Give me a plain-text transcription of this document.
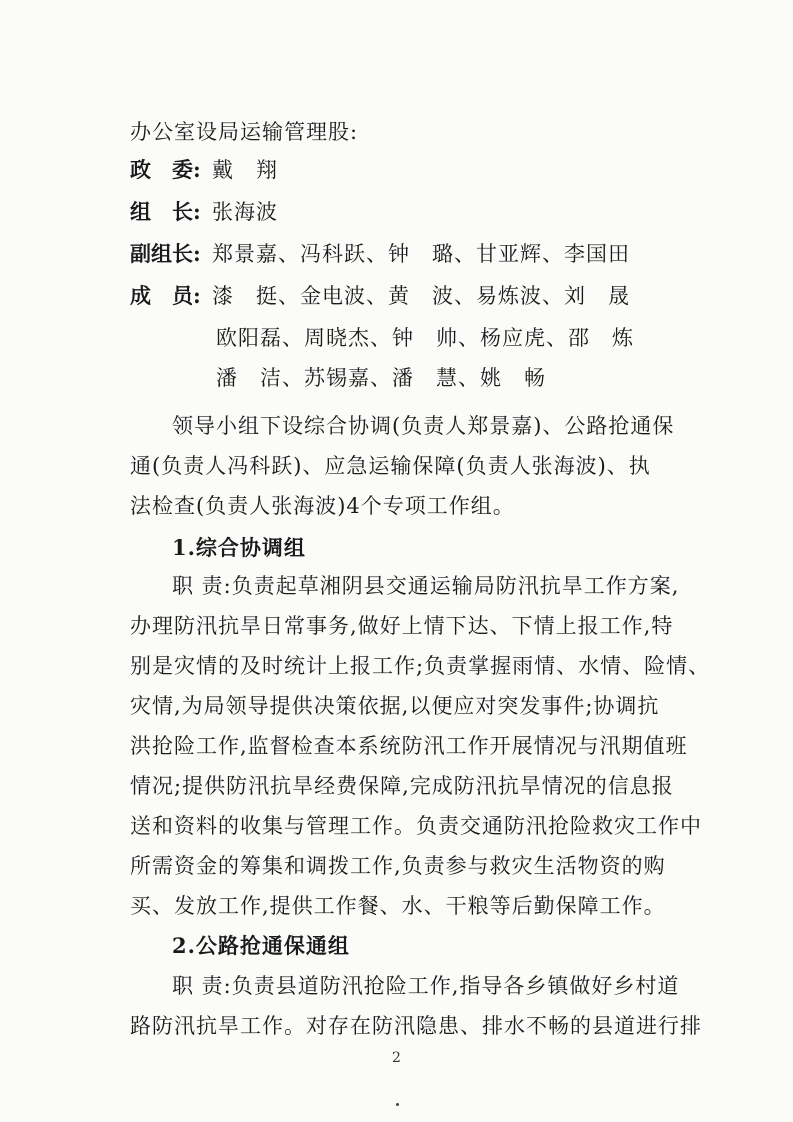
办公室设局运输管理股:
政　委: 戴　翔
组　长: 张海波
副组长: 郑景嘉、冯科跃、钟　璐、甘亚辉、李国田
成　员: 漆　挺、金电波、黄　波、易炼波、刘　晟
欧阳磊、周晓杰、钟　帅、杨应虎、邵　炼
潘　洁、苏锡嘉、潘　慧、姚　畅
领导小组下设综合协调(负责人郑景嘉)、公路抢通保
通(负责人冯科跃)、应急运输保障(负责人张海波)、执
法检查(负责人张海波)4个专项工作组。
1.综合协调组
职 责:负责起草湘阴县交通运输局防汛抗旱工作方案,
办理防汛抗旱日常事务,做好上情下达、下情上报工作,特
别是灾情的及时统计上报工作;负责掌握雨情、水情、险情、
灾情,为局领导提供决策依据,以便应对突发事件;协调抗
洪抢险工作,监督检查本系统防汛工作开展情况与汛期值班
情况;提供防汛抗旱经费保障,完成防汛抗旱情况的信息报
送和资料的收集与管理工作。负责交通防汛抢险救灾工作中
所需资金的筹集和调拨工作,负责参与救灾生活物资的购
买、发放工作,提供工作餐、水、干粮等后勤保障工作。
2.公路抢通保通组
职 责:负责县道防汛抢险工作,指导各乡镇做好乡村道
路防汛抗旱工作。对存在防汛隐患、排水不畅的县道进行排
2
